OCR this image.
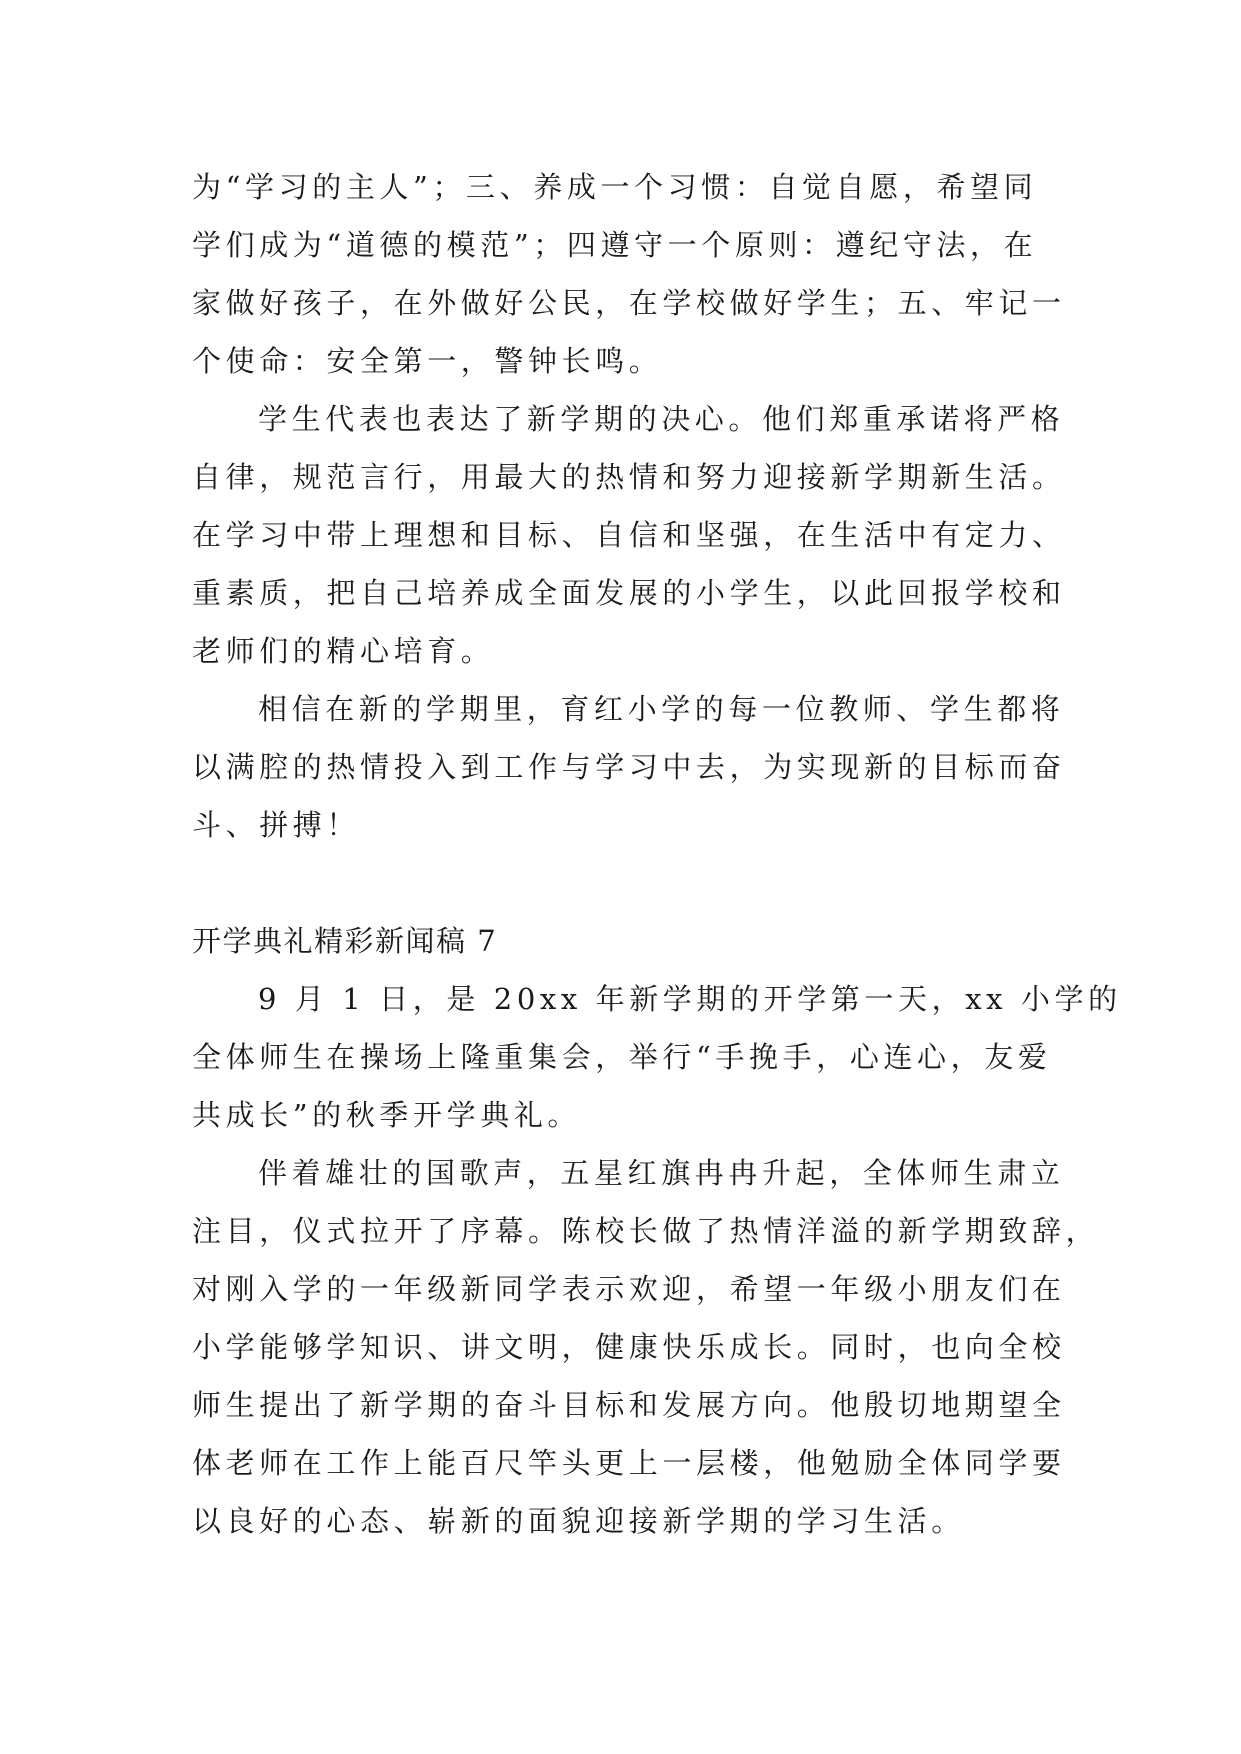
为“学习的主人”；三、养成一个习惯：自觉自愿，希望同

学们成为“道德的模范”；四遵守一个原则：遵纪守法，在

家做好孩子，在外做好公民，在学校做好学生；五、牢记一

个使命：安全第一，警钟长鸣。

学生代表也表达了新学期的决心。他们郑重承诺将严格

自律，规范言行，用最大的热情和努力迎接新学期新生活。

在学习中带上理想和目标、自信和坚强，在生活中有定力、

重素质，把自己培养成全面发展的小学生，以此回报学校和

老师们的精心培育。

相信在新的学期里，育红小学的每一位教师、学生都将

以满腔的热情投入到工作与学习中去，为实现新的目标而奋

斗、拼搏！

开学典礼精彩新闻稿 7

9 月 1 日，是 20xx 年新学期的开学第一天，xx 小学的

全体师生在操场上隆重集会，举行“手挽手，心连心，友爱

共成长”的秋季开学典礼。

伴着雄壮的国歌声，五星红旗冉冉升起，全体师生肃立

注目，仪式拉开了序幕。陈校长做了热情洋溢的新学期致辞，

对刚入学的一年级新同学表示欢迎，希望一年级小朋友们在

小学能够学知识、讲文明，健康快乐成长。同时，也向全校

师生提出了新学期的奋斗目标和发展方向。他殷切地期望全

体老师在工作上能百尺竿头更上一层楼，他勉励全体同学要

以良好的心态、崭新的面貌迎接新学期的学习生活。
